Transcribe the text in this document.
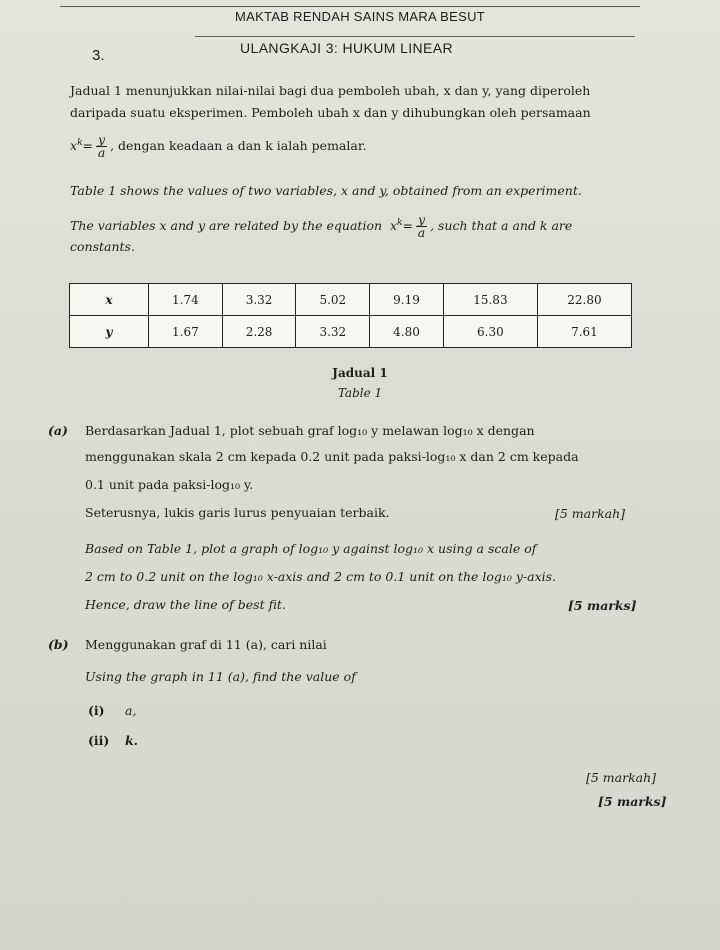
MAKTAB RENDAH SAINS MARA BESUT
3.	ULANGKAJI 3: HUKUM LINEAR
Jadual 1 menunjukkan nilai-nilai bagi dua pemboleh ubah, x dan y, yang diperoleh
daripada suatu eksperimen. Pemboleh ubah x dan y dihubungkan oleh persamaan
$x^k= \frac{y}{a}$ , dengan keadaan a dan k ialah pemalar.
Table 1 shows the values of two variables, x and y, obtained from an experiment.
The variables x and y are related by the equation $x^k= \frac{y}{a}$ , such that a and k are
constants.
x	1.74	3.32	5.02	9.19	15.83	22.80
y	1.67	2.28	3.32	4.80	6.30	7.61
Jadual 1
Table 1
(a) Berdasarkan Jadual 1, plot sebuah graf log₁₀ y melawan log₁₀ x dengan
menggunakan skala 2 cm kepada 0.2 unit pada paksi-log₁₀ x dan 2 cm kepada
0.1 unit pada paksi-log₁₀ y.
Seterusnya, lukis garis lurus penyuaian terbaik.	[5 markah]
Based on Table 1, plot a graph of log₁₀ y against log₁₀ x using a scale of
2 cm to 0.2 unit on the log₁₀ x-axis and 2 cm to 0.1 unit on the log₁₀ y-axis.
Hence, draw the line of best fit.	[5 marks]
(b) Menggunakan graf di 11 (a), cari nilai
Using the graph in 11 (a), find the value of
(i) a,
(ii) k.
[5 markah]
[5 marks]
